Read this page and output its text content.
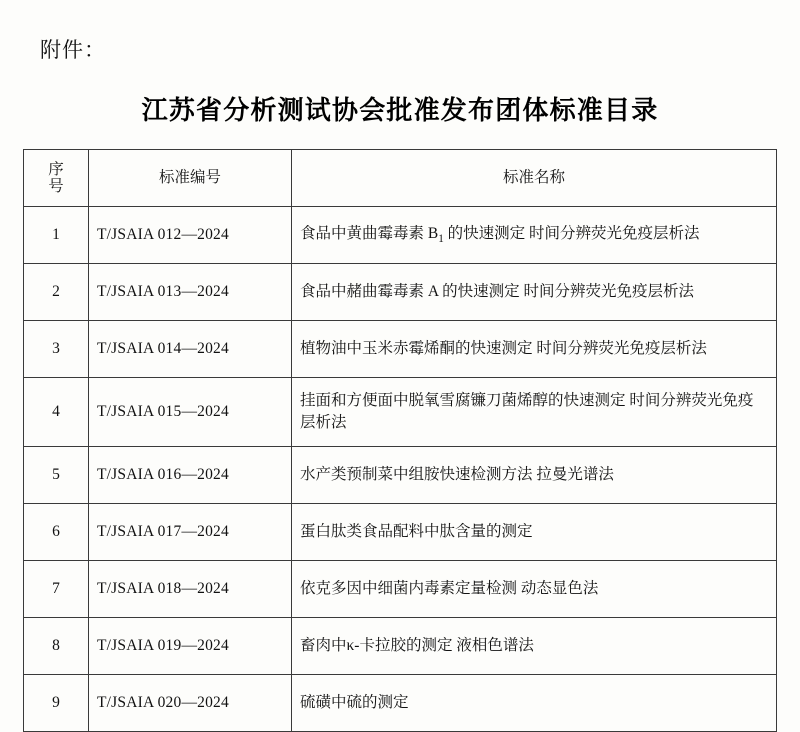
附件：
江苏省分析测试协会批准发布团体标准目录
序
号	标准编号	标准名称
1	T/JSAIA 012—2024	食品中黄曲霉毒素 $B_1$ 的快速测定 时间分辨荧光免疫层析法
2	T/JSAIA 013—2024	食品中赭曲霉毒素 A 的快速测定 时间分辨荧光免疫层析法
3	T/JSAIA 014—2024	植物油中玉米赤霉烯酮的快速测定 时间分辨荧光免疫层析法
4	T/JSAIA 015—2024	挂面和方便面中脱氧雪腐镰刀菌烯醇的快速测定 时间分辨荧光免疫层析法
5	T/JSAIA 016—2024	水产类预制菜中组胺快速检测方法 拉曼光谱法
6	T/JSAIA 017—2024	蛋白肽类食品配料中肽含量的测定
7	T/JSAIA 018—2024	依克多因中细菌内毒素定量检测 动态显色法
8	T/JSAIA 019—2024	畜肉中κ-卡拉胶的测定 液相色谱法
9	T/JSAIA 020—2024	硫磺中硫的测定
